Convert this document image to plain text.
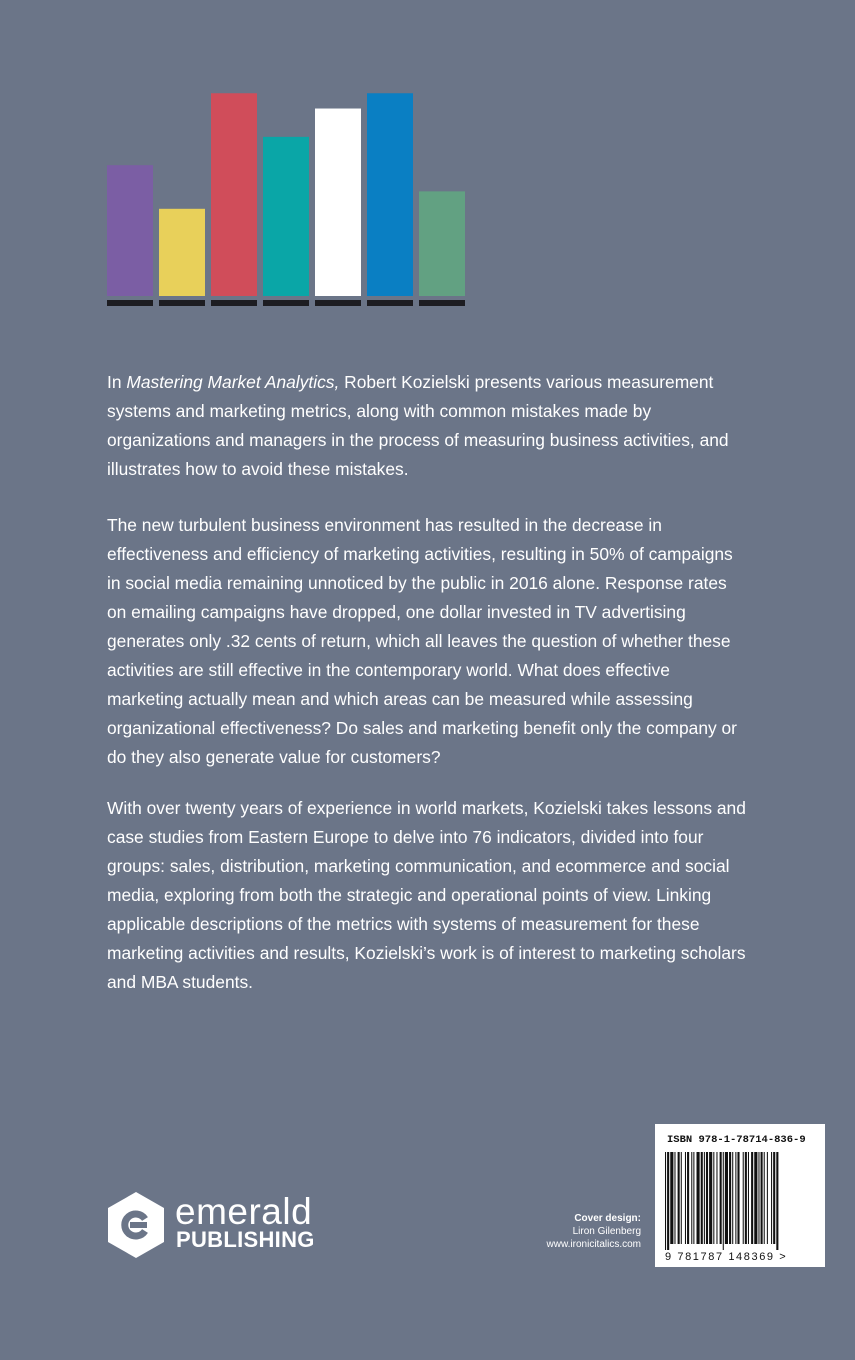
In Mastering Market Analytics, Robert Kozielski presents various measurement systems and marketing metrics, along with common mistakes made by organizations and managers in the process of measuring business activities, and illustrates how to avoid these mistakes.

The new turbulent business environment has resulted in the decrease in effectiveness and efficiency of marketing activities, resulting in 50% of campaigns in social media remaining unnoticed by the public in 2016 alone. Response rates on emailing campaigns have dropped, one dollar invested in TV advertising generates only .32 cents of return, which all leaves the question of whether these activities are still effective in the contemporary world. What does effective marketing actually mean and which areas can be measured while assessing organizational effectiveness? Do sales and marketing benefit only the company or do they also generate value for customers?

With over twenty years of experience in world markets, Kozielski takes lessons and case studies from Eastern Europe to delve into 76 indicators, divided into four groups: sales, distribution, marketing communication, and ecommerce and social media, exploring from both the strategic and operational points of view. Linking applicable descriptions of the metrics with systems of measurement for these marketing activities and results, Kozielski’s work is of interest to marketing scholars and MBA students.

emerald
PUBLISHING
Cover design:
Liron Gilenberg
www.ironicitalics.com
ISBN 978-1-78714-836-9
9 781787 148369 >
